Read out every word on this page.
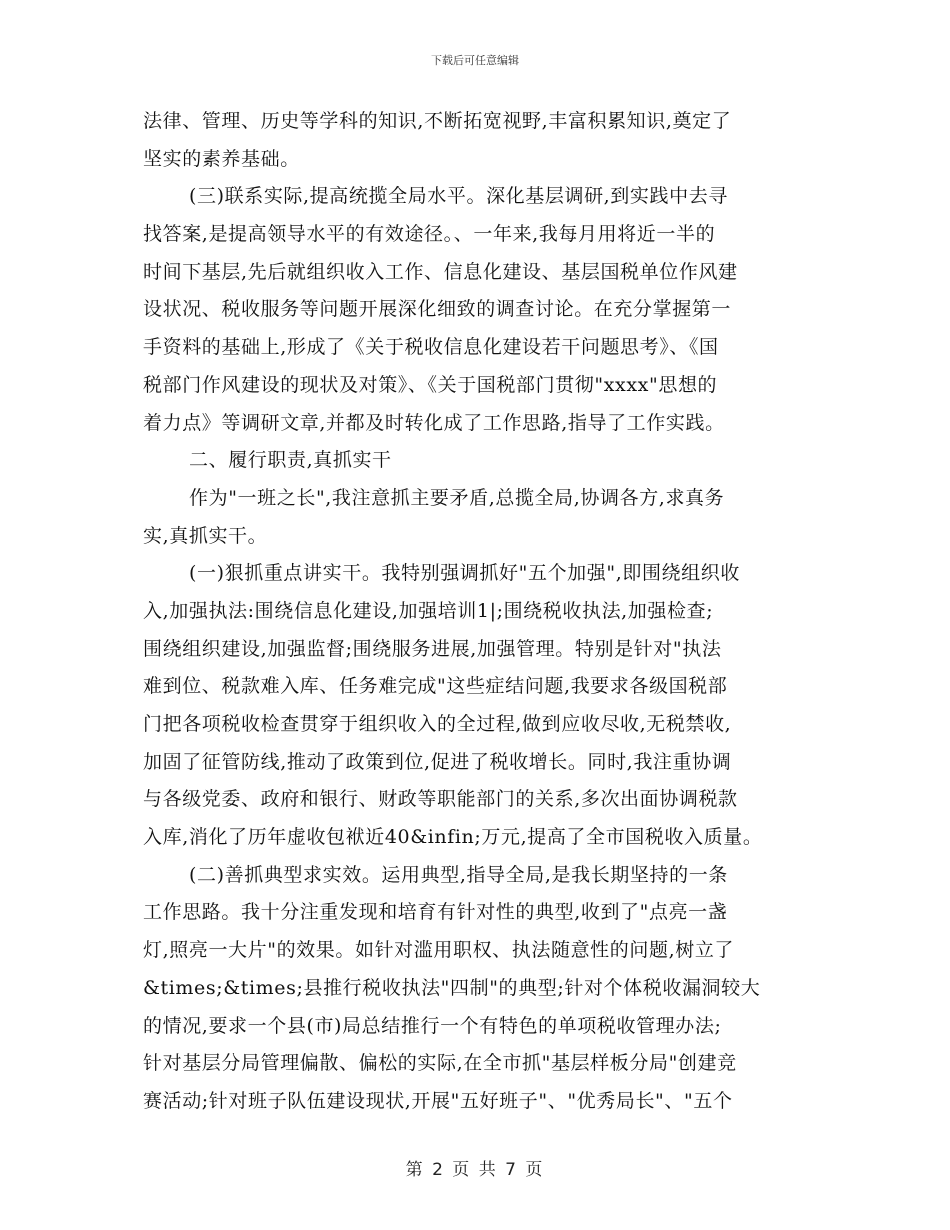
下载后可任意编辑
法律、管理、历史等学科的知识,不断拓宽视野,丰富积累知识,奠定了
坚实的素养基础。
(三)联系实际,提高统揽全局水平。深化基层调研,到实践中去寻
找答案,是提高领导水平的有效途径。、一年来,我每月用将近一半的
时间下基层,先后就组织收入工作、信息化建设、基层国税单位作风建
设状况、税收服务等问题开展深化细致的调查讨论。在充分掌握第一
手资料的基础上,形成了《关于税收信息化建设若干问题思考》、《国
税部门作风建设的现状及对策》、《关于国税部门贯彻"xxxx"思想的
着力点》等调研文章,并都及时转化成了工作思路,指导了工作实践。
二、履行职责,真抓实干
作为"一班之长",我注意抓主要矛盾,总揽全局,协调各方,求真务
实,真抓实干。
(一)狠抓重点讲实干。我特别强调抓好"五个加强",即围绕组织收
入,加强执法:围绕信息化建设,加强培训1|;围绕税收执法,加强检查;
围绕组织建设,加强监督;围绕服务进展,加强管理。特别是针对"执法
难到位、税款难入库、任务难完成"这些症结问题,我要求各级国税部
门把各项税收检查贯穿于组织收入的全过程,做到应收尽收,无税禁收,
加固了征管防线,推动了政策到位,促进了税收增长。同时,我注重协调
与各级党委、政府和银行、财政等职能部门的关系,多次出面协调税款
入库,消化了历年虚收包袱近40&infin;万元,提高了全市国税收入质量。
(二)善抓典型求实效。运用典型,指导全局,是我长期坚持的一条
工作思路。我十分注重发现和培育有针对性的典型,收到了"点亮一盏
灯,照亮一大片"的效果。如针对滥用职权、执法随意性的问题,树立了
&times;&times;县推行税收执法"四制"的典型;针对个体税收漏洞较大
的情况,要求一个县(市)局总结推行一个有特色的单项税收管理办法;
针对基层分局管理偏散、偏松的实际,在全市抓"基层样板分局"创建竞
赛活动;针对班子队伍建设现状,开展"五好班子"、"优秀局长"、"五个
第 2 页 共 7 页
